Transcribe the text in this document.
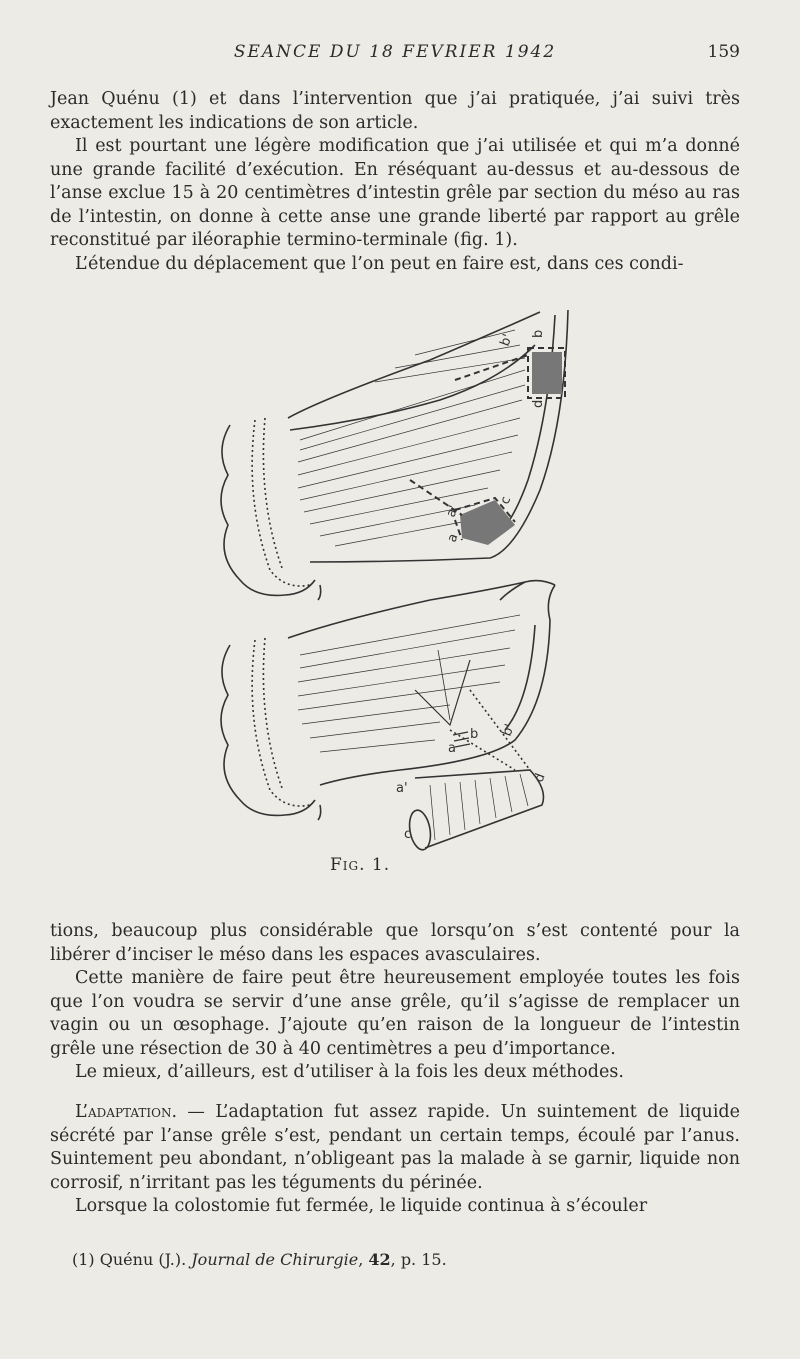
SEANCE DU 18 FEVRIER 1942	159

Jean Quénu (1) et dans l’intervention que j’ai pratiquée, j’ai suivi très exactement les indications de son article.

Il est pourtant une légère modification que j’ai utilisée et qui m’a donné une grande facilité d’exécution. En réséquant au-dessus et au-dessous de l’anse exclue 15 à 20 centimètres d’intestin grêle par section du méso au ras de l’intestin, on donne à cette anse une grande liberté par rapport au grêle reconstitué par iléoraphie termino-terminale (fig. 1).

L’étendue du déplacement que l’on peut en faire est, dans ces condi-

b' b
d
c
a'
a
b
a
b'
d
a'
c
Fig. 1.

tions, beaucoup plus considérable que lorsqu’on s’est contenté pour la libérer d’inciser le méso dans les espaces avasculaires.

Cette manière de faire peut être heureusement employée toutes les fois que l’on voudra se servir d’une anse grêle, qu’il s’agisse de remplacer un vagin ou un œsophage. J’ajoute qu’en raison de la longueur de l’intestin grêle une résection de 30 à 40 centimètres a peu d’importance.

Le mieux, d’ailleurs, est d’utiliser à la fois les deux méthodes.

L’adaptation. — L’adaptation fut assez rapide. Un suintement de liquide sécrété par l’anse grêle s’est, pendant un certain temps, écoulé par l’anus. Suintement peu abondant, n’obligeant pas la malade à se garnir, liquide non corrosif, n’irritant pas les téguments du périnée.

Lorsque la colostomie fut fermée, le liquide continua à s’écouler

(1) Quénu (J.). Journal de Chirurgie, 42, p. 15.
